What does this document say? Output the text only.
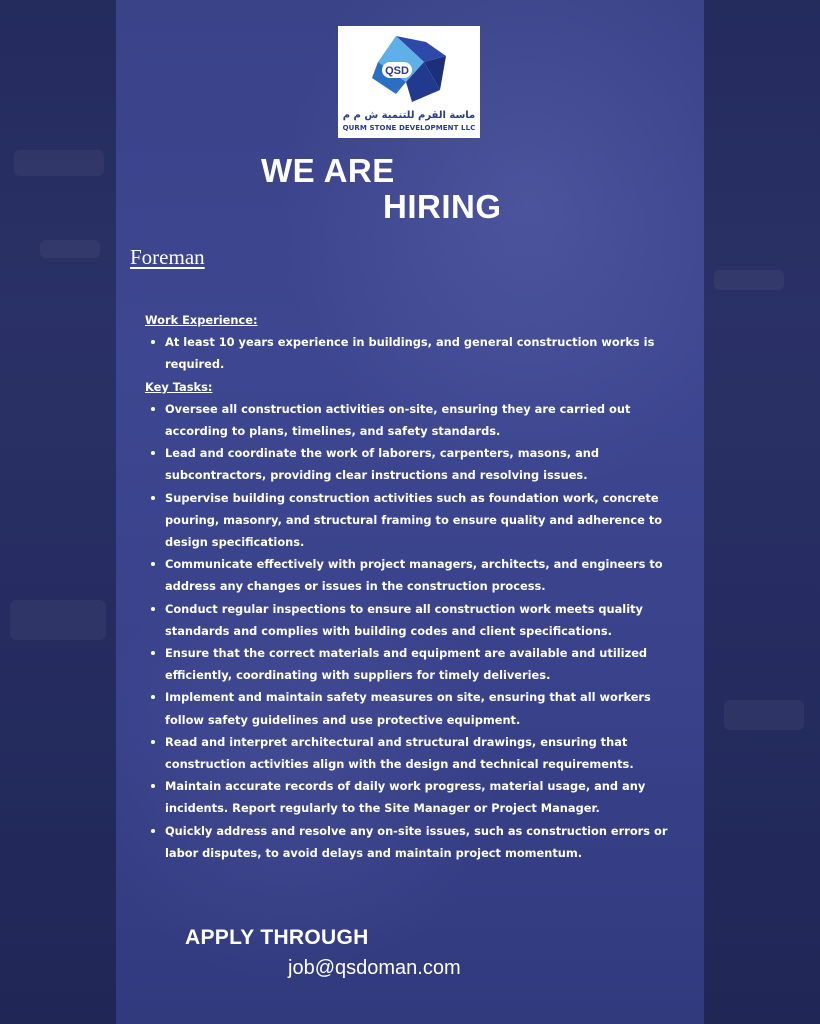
QSD
ماسة القرم للتنمية ش م م
QURM STONE DEVELOPMENT LLC
WE ARE
HIRING
Foreman
Work Experience:
At least 10 years experience in buildings, and general construction works is required.
Key Tasks:
Oversee all construction activities on-site, ensuring they are carried out according to plans, timelines, and safety standards.
Lead and coordinate the work of laborers, carpenters, masons, and subcontractors, providing clear instructions and resolving issues.
Supervise building construction activities such as foundation work, concrete pouring, masonry, and structural framing to ensure quality and adherence to design specifications.
Communicate effectively with project managers, architects, and engineers to address any changes or issues in the construction process.
Conduct regular inspections to ensure all construction work meets quality standards and complies with building codes and client specifications.
Ensure that the correct materials and equipment are available and utilized efficiently, coordinating with suppliers for timely deliveries.
Implement and maintain safety measures on site, ensuring that all workers follow safety guidelines and use protective equipment.
Read and interpret architectural and structural drawings, ensuring that construction activities align with the design and technical requirements.
Maintain accurate records of daily work progress, material usage, and any incidents. Report regularly to the Site Manager or Project Manager.
Quickly address and resolve any on-site issues, such as construction errors or labor disputes, to avoid delays and maintain project momentum.
APPLY THROUGH
job@qsdoman.com
